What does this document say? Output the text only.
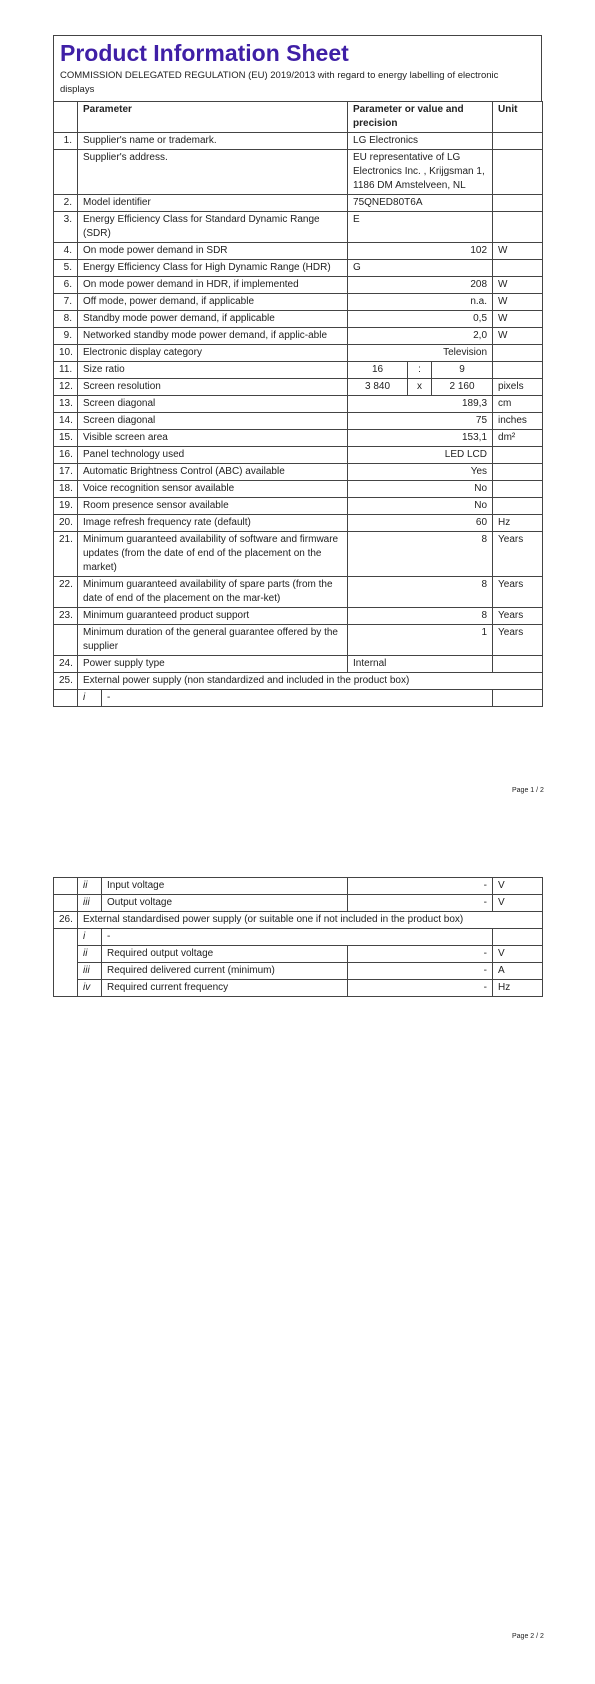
Product Information Sheet
COMMISSION DELEGATED REGULATION (EU) 2019/2013 with regard to energy labelling of electronic displays
	Parameter		Parameter or value and precision			Unit
1.	Supplier's name or trademark.		LG Electronics			
	Supplier's address.		EU representative of LG Electronics Inc. , Krijgsman 1, 1186 DM Amstelveen, NL			
2.	Model identifier		75QNED80T6A			
3.	Energy Efficiency Class for Standard Dynamic Range (SDR)		E			
4.	On mode power demand in SDR		102			W
5.	Energy Efficiency Class for High Dynamic Range (HDR)		G			
6.	On mode power demand in HDR, if implemented		208			W
7.	Off mode, power demand, if applicable		n.a.			W
8.	Standby mode power demand, if applicable		0,5			W
9.	Networked standby mode power demand, if applic-able		2,0			W
10.	Electronic display category		Television			
11.	Size ratio		16	:	9	
12.	Screen resolution		3 840	x	2 160	pixels
13.	Screen diagonal		189,3			cm
14.	Screen diagonal		75			inches
15.	Visible screen area		153,1			dm²
16.	Panel technology used		LED LCD			
17.	Automatic Brightness Control (ABC) available		Yes			
18.	Voice recognition sensor available		No			
19.	Room presence sensor available		No			
20.	Image refresh frequency rate (default)		60			Hz
21.	Minimum guaranteed availability of software and firmware updates (from the date of end of the placement on the market)		8			Years
22.	Minimum guaranteed availability of spare parts (from the date of end of the placement on the mar-ket)		8			Years
23.	Minimum guaranteed product support		8			Years
	Minimum duration of the general guarantee offered by the supplier		1			Years
24.	Power supply type		Internal			
25.	External power supply (non standardized and included in the product box)					
	i	-				
Page 1 / 2
	ii	Input voltage	-	V
	iii	Output voltage	-	V
26.	External standardised power supply (or suitable one if not included in the product box)			
	i	-		
	ii	Required output voltage	-	V
	iii	Required delivered current (minimum)	-	A
	iv	Required current frequency	-	Hz
Page 2 / 2
